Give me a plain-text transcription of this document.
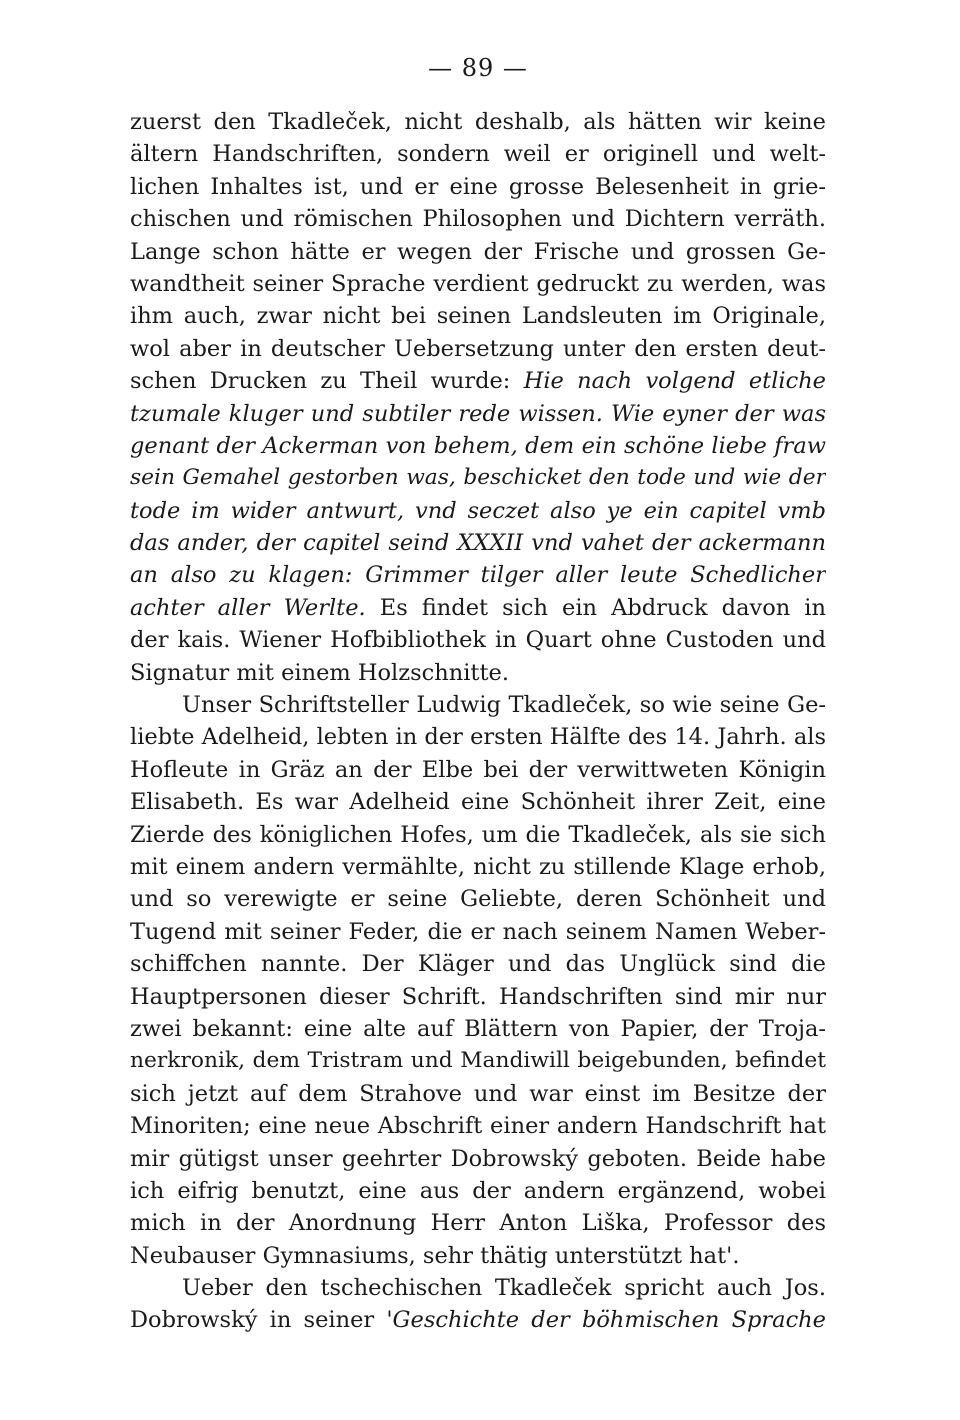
— 89 —
zuerst den Tkadleček, nicht deshalb, als hätten wir keine
ältern Handschriften, sondern weil er originell und welt-
lichen Inhaltes ist, und er eine grosse Belesenheit in grie-
chischen und römischen Philosophen und Dichtern verräth.
Lange schon hätte er wegen der Frische und grossen Ge-
wandtheit seiner Sprache verdient gedruckt zu werden, was
ihm auch, zwar nicht bei seinen Landsleuten im Originale,
wol aber in deutscher Uebersetzung unter den ersten deut-
schen Drucken zu Theil wurde: Hie nach volgend etliche
tzumale kluger und subtiler rede wissen. Wie eyner der was
genant der Ackerman von behem, dem ein schöne liebe fraw
sein Gemahel gestorben was, beschicket den tode und wie der
tode im wider antwurt, vnd seczet also ye ein capitel vmb
das ander, der capitel seind XXXII vnd vahet der ackermann
an also zu klagen: Grimmer tilger aller leute Schedlicher
achter aller Werlte. Es findet sich ein Abdruck davon in
der kais. Wiener Hofbibliothek in Quart ohne Custoden und
Signatur mit einem Holzschnitte.
Unser Schriftsteller Ludwig Tkadleček, so wie seine Ge-
liebte Adelheid, lebten in der ersten Hälfte des 14. Jahrh. als
Hofleute in Gräz an der Elbe bei der verwittweten Königin
Elisabeth. Es war Adelheid eine Schönheit ihrer Zeit, eine
Zierde des königlichen Hofes, um die Tkadleček, als sie sich
mit einem andern vermählte, nicht zu stillende Klage erhob,
und so verewigte er seine Geliebte, deren Schönheit und
Tugend mit seiner Feder, die er nach seinem Namen Weber-
schiffchen nannte. Der Kläger und das Unglück sind die
Hauptpersonen dieser Schrift. Handschriften sind mir nur
zwei bekannt: eine alte auf Blättern von Papier, der Troja-
nerkronik, dem Tristram und Mandiwill beigebunden, befindet
sich jetzt auf dem Strahove und war einst im Besitze der
Minoriten; eine neue Abschrift einer andern Handschrift hat
mir gütigst unser geehrter Dobrowský geboten. Beide habe
ich eifrig benutzt, eine aus der andern ergänzend, wobei
mich in der Anordnung Herr Anton Liška, Professor des
Neubauser Gymnasiums, sehr thätig unterstützt hat'.
Ueber den tschechischen Tkadleček spricht auch Jos.
Dobrowský in seiner 'Geschichte der böhmischen Sprache
